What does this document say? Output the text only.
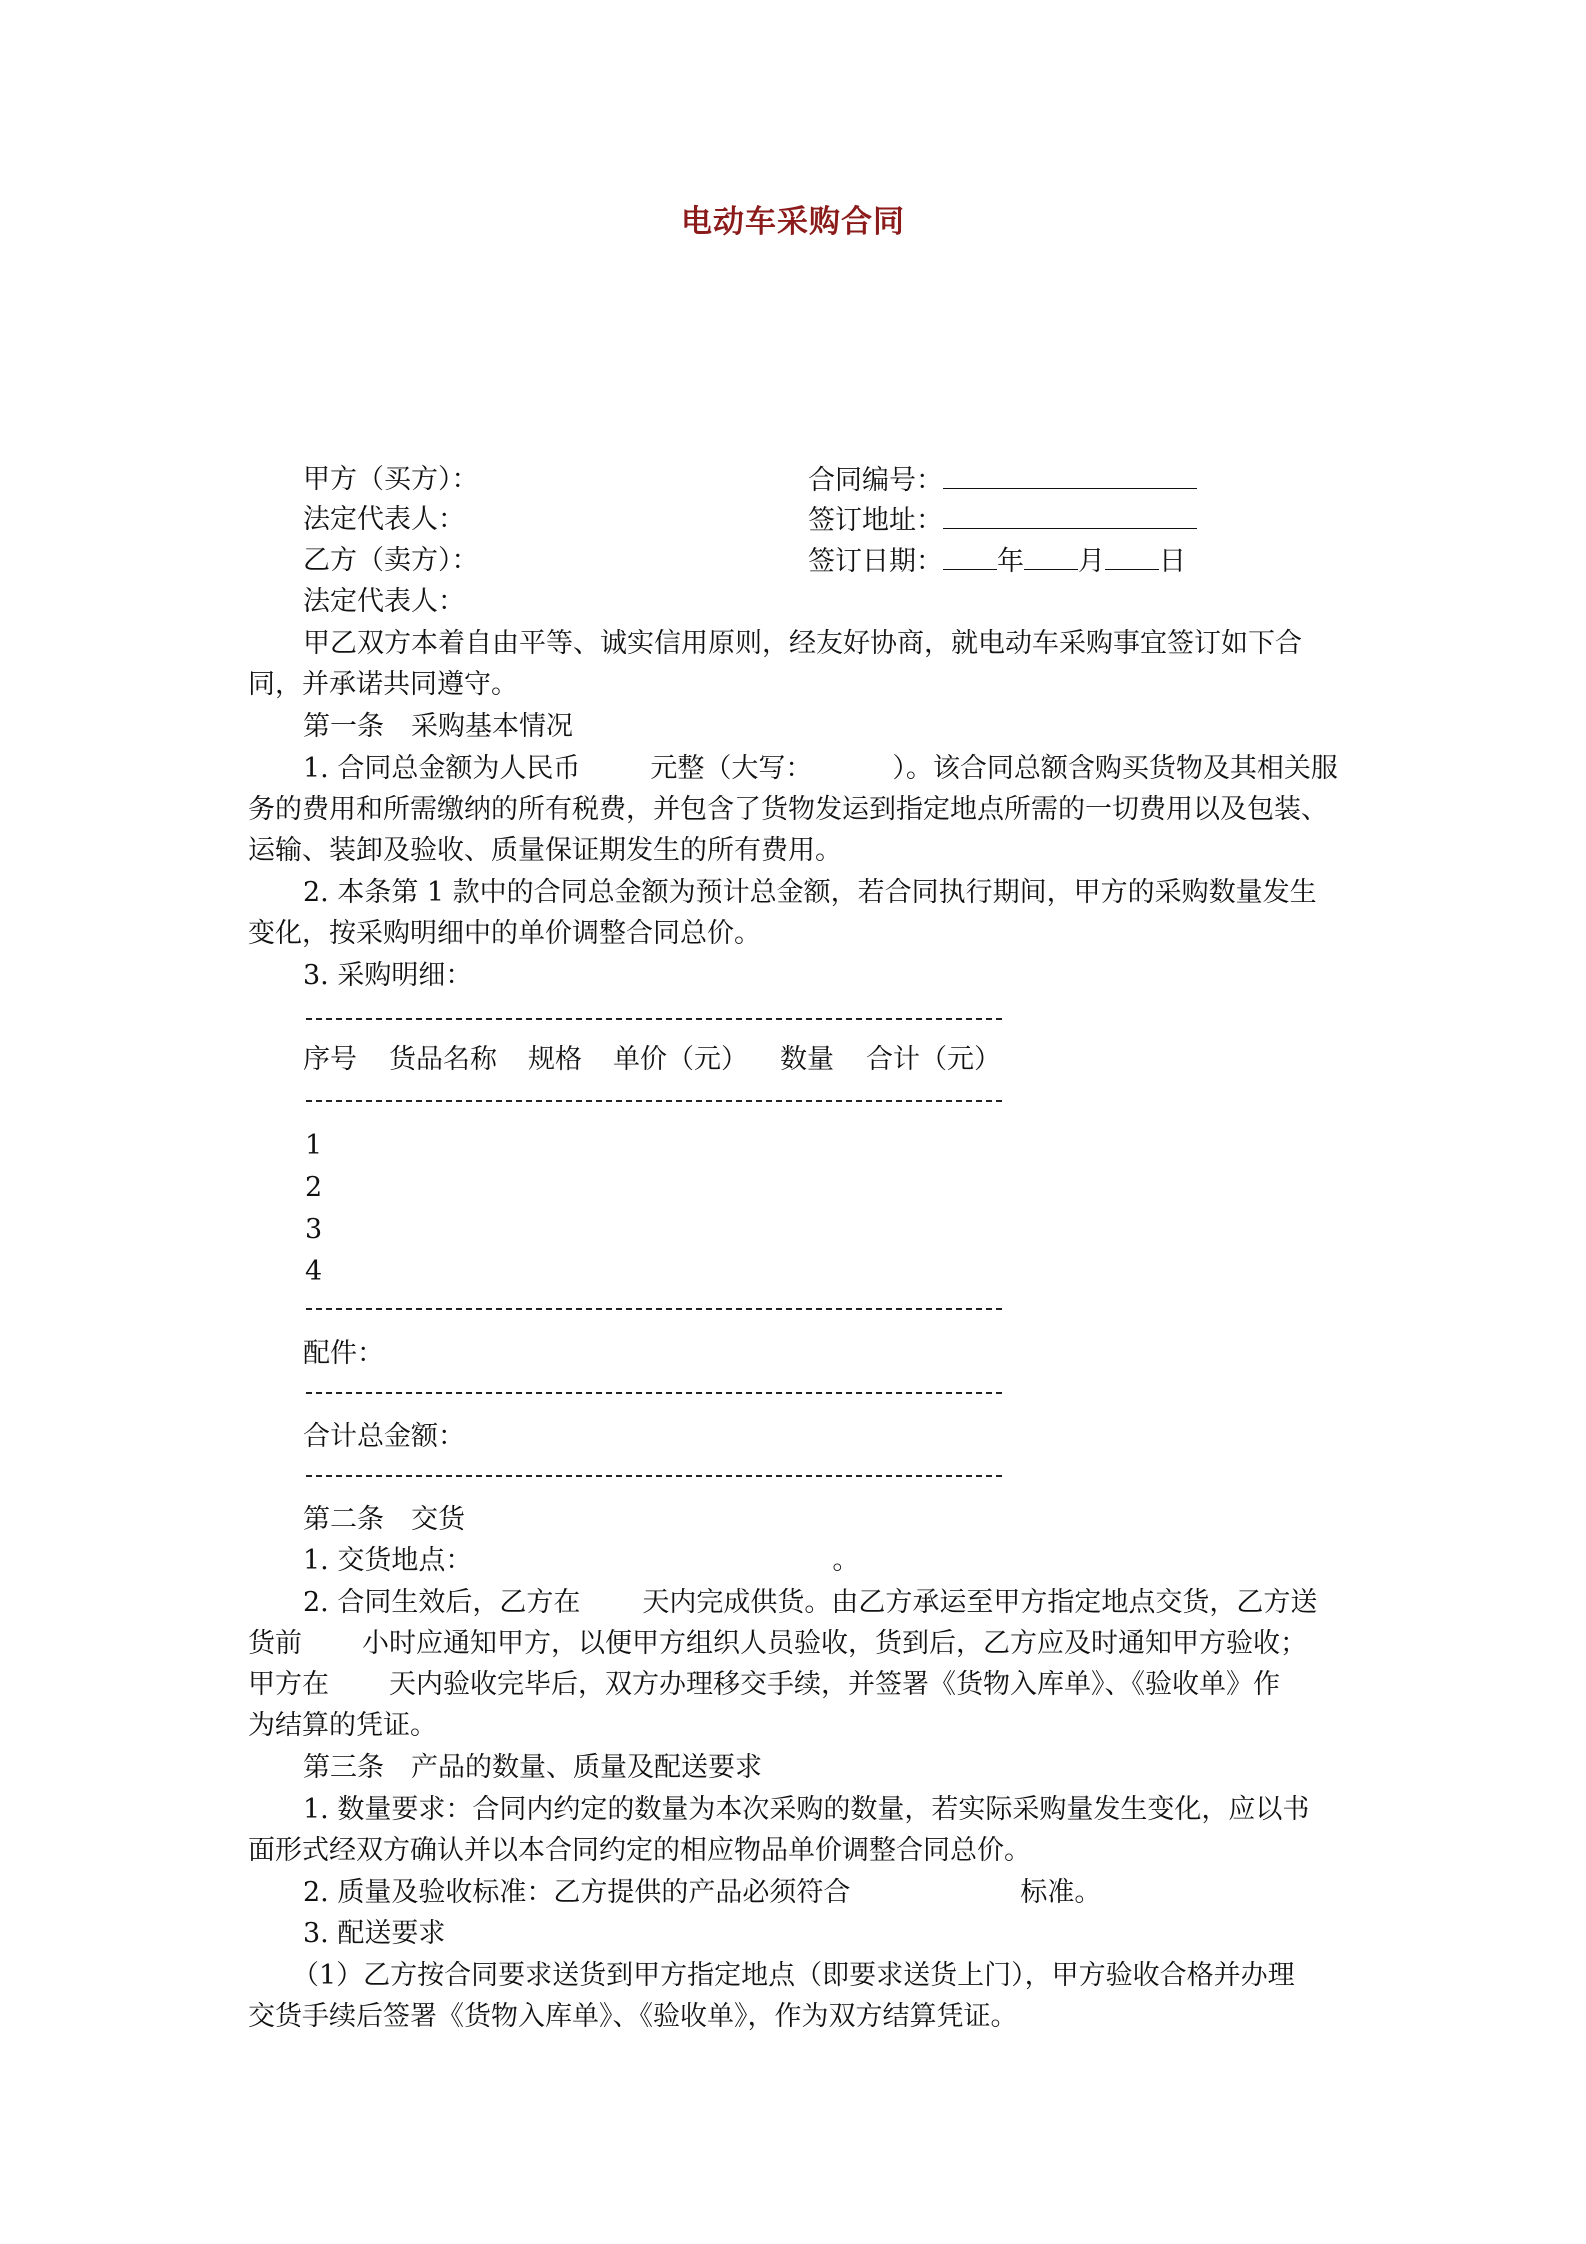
电动车采购合同
甲方（买方）：	合同编号：
法定代表人：	签订地址：
乙方（卖方）：	签订日期： 年 月 日
法定代表人：
甲乙双方本着自由平等、诚实信用原则，经友好协商，就电动车采购事宜签订如下合
同，并承诺共同遵守。
第一条　采购基本情况
1. 合同总金额为人民币	元整（大写：	）。该合同总额含购买货物及其相关服
务的费用和所需缴纳的所有税费，并包含了货物发运到指定地点所需的一切费用以及包装、
运输、装卸及验收、质量保证期发生的所有费用。
2. 本条第 1 款中的合同总金额为预计总金额，若合同执行期间，甲方的采购数量发生
变化，按采购明细中的单价调整合同总价。
3. 采购明细：
序号 货品名称 规格 单价（元） 数量 合计（元）
1
2
3
4
配件：
合计总金额：
第二条　交货
1. 交货地点：	。
2. 合同生效后，乙方在 天内完成供货。由乙方承运至甲方指定地点交货，乙方送
货前 小时应通知甲方，以便甲方组织人员验收，货到后，乙方应及时通知甲方验收；
甲方在 天内验收完毕后，双方办理移交手续，并签署《货物入库单》、《验收单》作
为结算的凭证。
第三条　产品的数量、质量及配送要求
1. 数量要求：合同内约定的数量为本次采购的数量，若实际采购量发生变化，应以书
面形式经双方确认并以本合同约定的相应物品单价调整合同总价。
2. 质量及验收标准：乙方提供的产品必须符合	标准。
3. 配送要求
（1）乙方按合同要求送货到甲方指定地点（即要求送货上门），甲方验收合格并办理
交货手续后签署《货物入库单》、《验收单》，作为双方结算凭证。
